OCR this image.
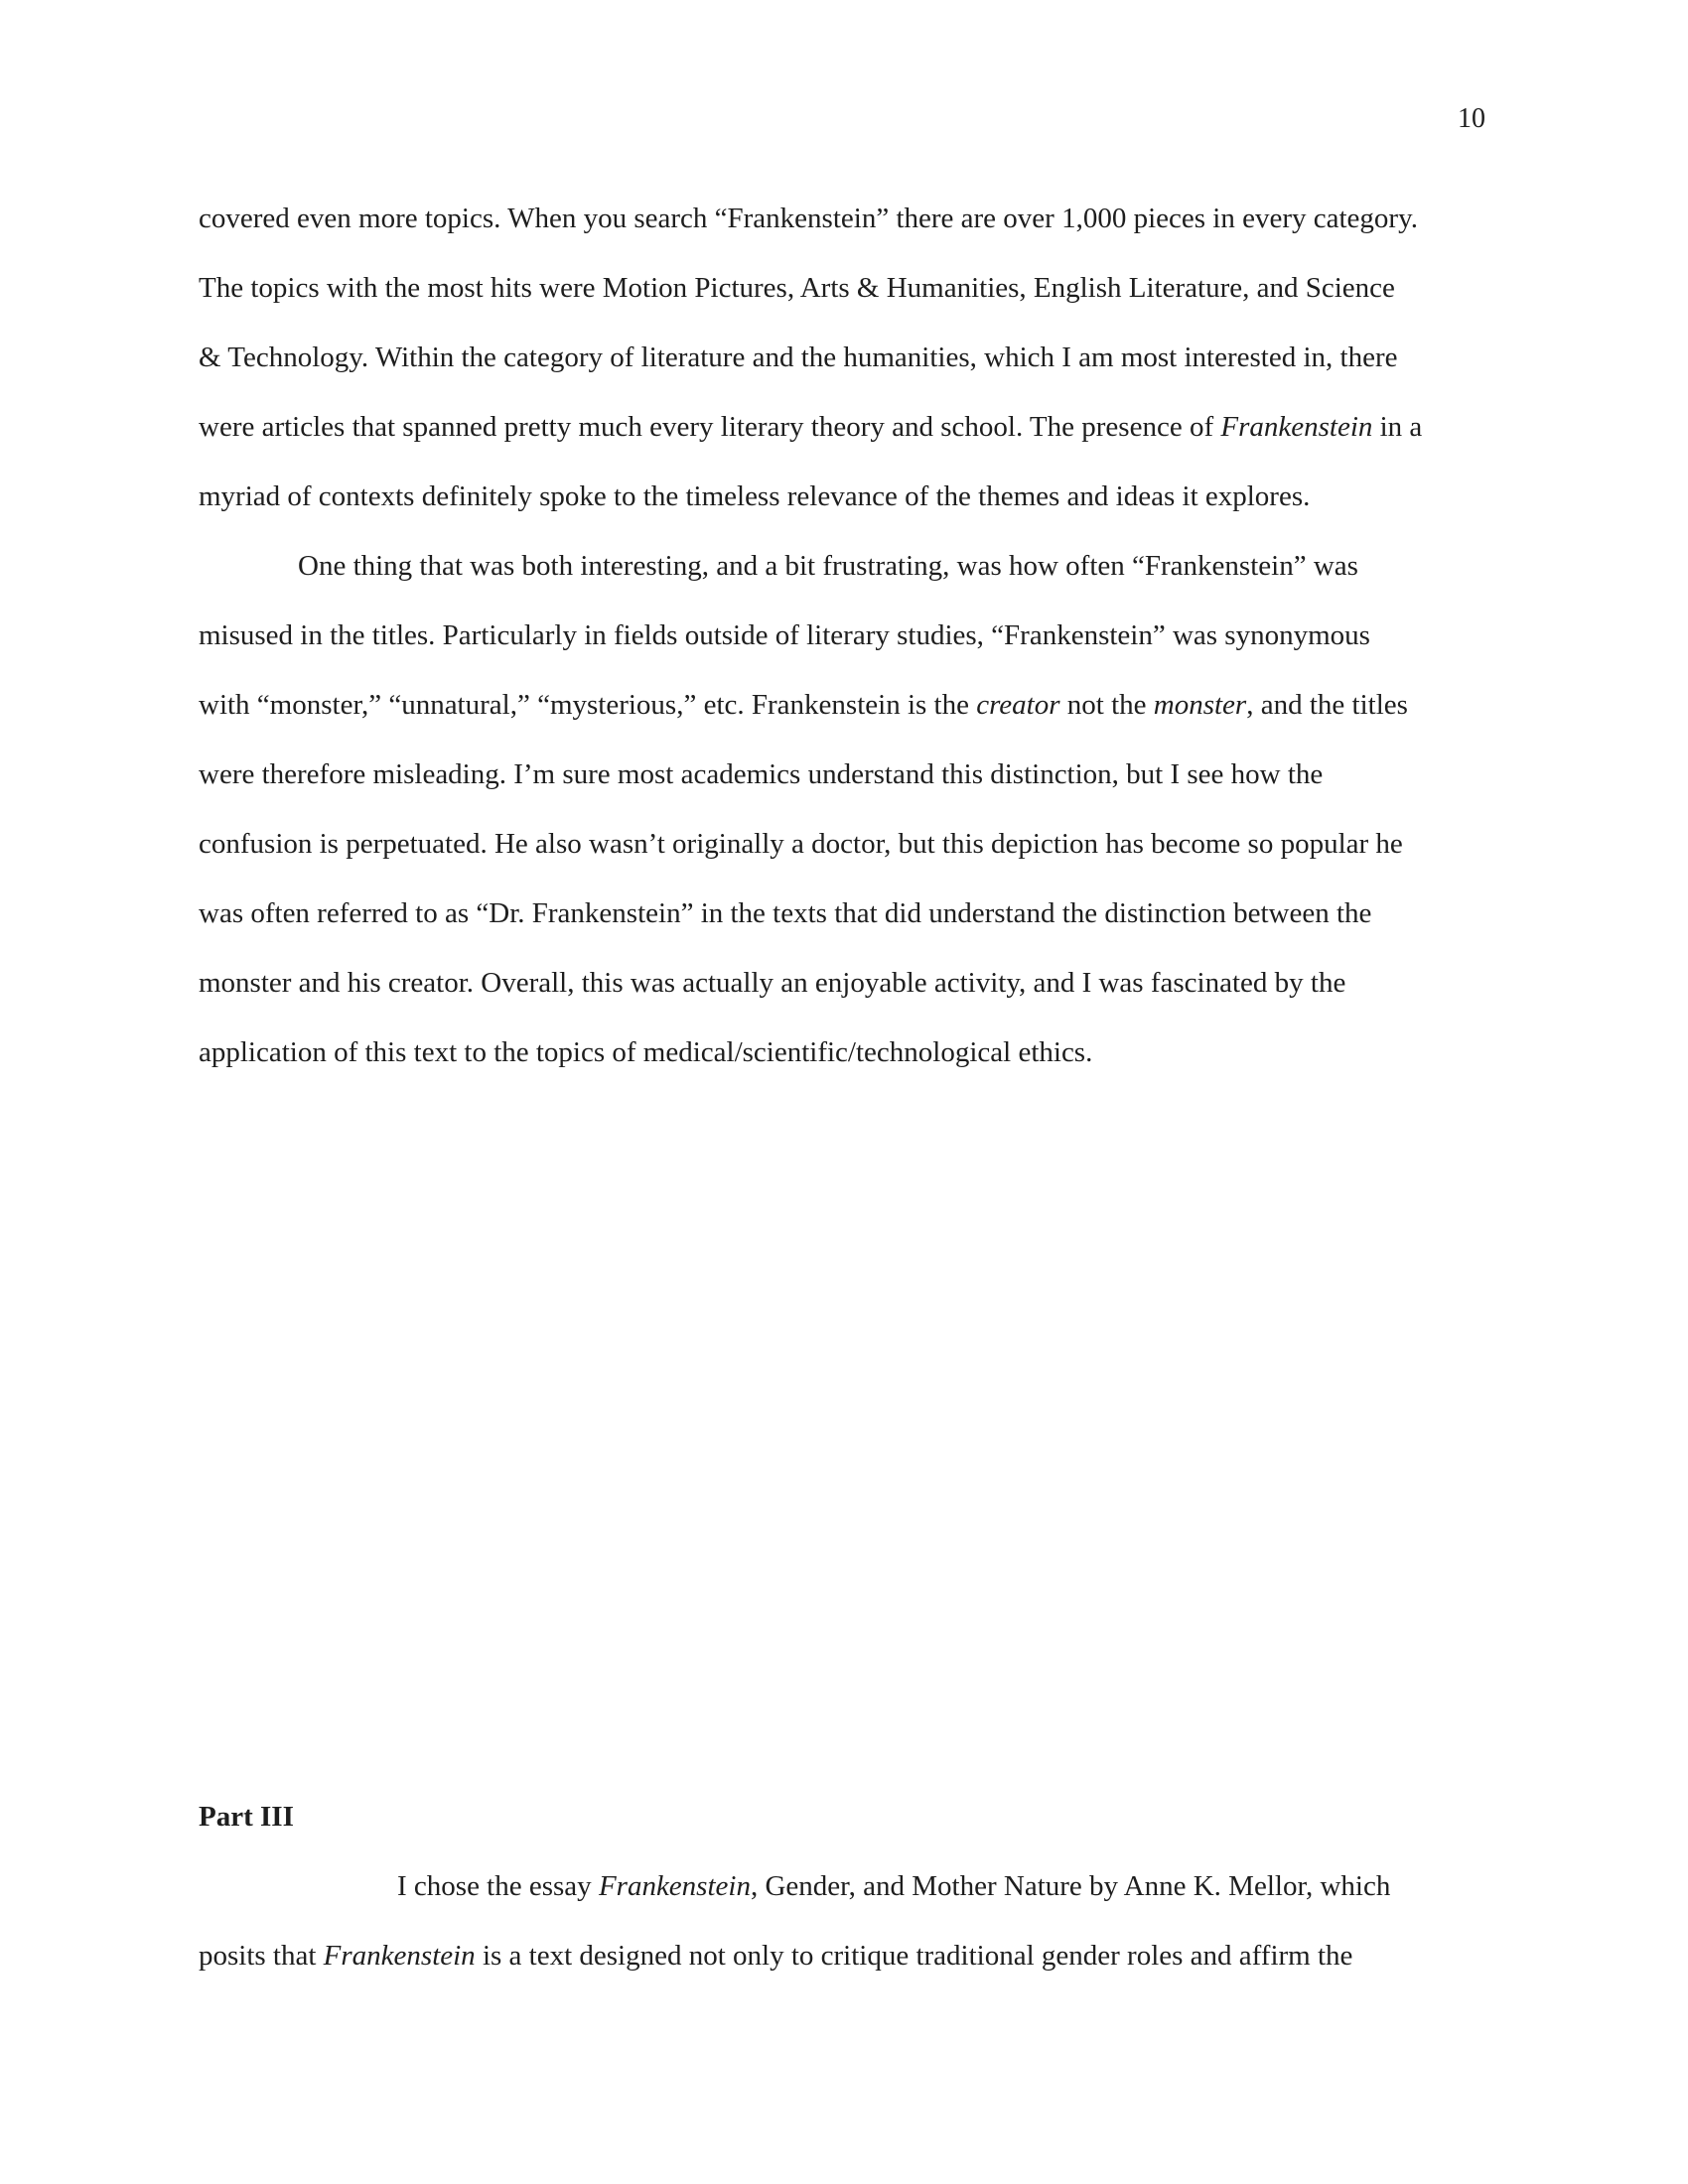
10
covered even more topics. When you search “Frankenstein” there are over 1,000 pieces in every category.
The topics with the most hits were Motion Pictures, Arts & Humanities, English Literature, and Science
& Technology. Within the category of literature and the humanities, which I am most interested in, there
were articles that spanned pretty much every literary theory and school. The presence of Frankenstein in a
myriad of contexts definitely spoke to the timeless relevance of the themes and ideas it explores.
One thing that was both interesting, and a bit frustrating, was how often “Frankenstein” was
misused in the titles. Particularly in fields outside of literary studies, “Frankenstein” was synonymous
with “monster,” “unnatural,” “mysterious,” etc. Frankenstein is the creator not the monster, and the titles
were therefore misleading. I’m sure most academics understand this distinction, but I see how the
confusion is perpetuated. He also wasn’t originally a doctor, but this depiction has become so popular he
was often referred to as “Dr. Frankenstein” in the texts that did understand the distinction between the
monster and his creator. Overall, this was actually an enjoyable activity, and I was fascinated by the
application of this text to the topics of medical/scientific/technological ethics.
Part III
I chose the essay Frankenstein, Gender, and Mother Nature by Anne K. Mellor, which
posits that Frankenstein is a text designed not only to critique traditional gender roles and affirm the
